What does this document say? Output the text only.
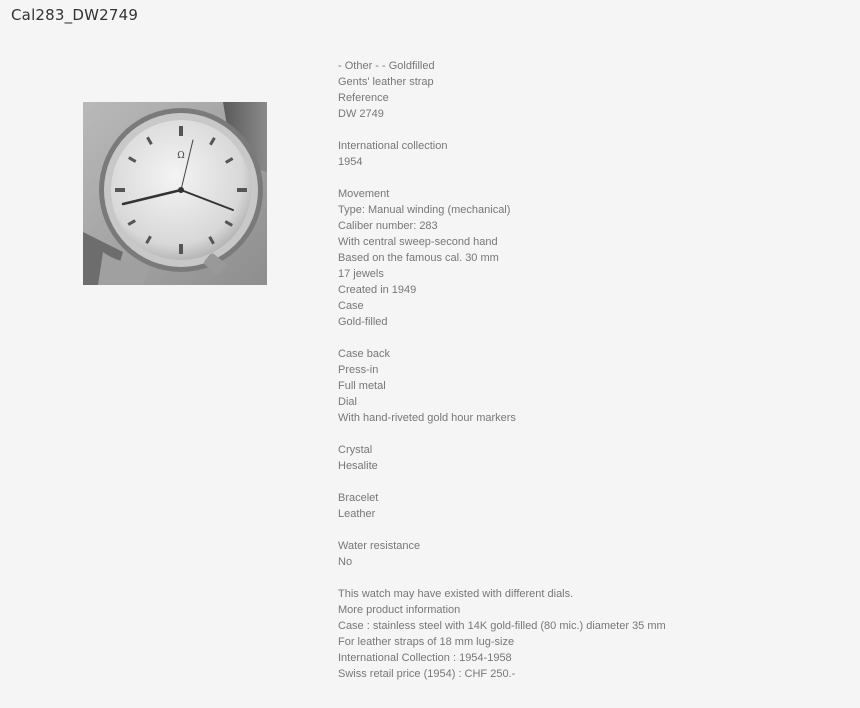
Cal283_DW2749
Ω
- Other - - Goldfilled
Gents' leather strap
Reference
DW 2749
International collection
1954
Movement
Type: Manual winding (mechanical)
Caliber number: 283
With central sweep-second hand
Based on the famous cal. 30 mm
17 jewels
Created in 1949
Case
Gold-filled
Case back
Press-in
Full metal
Dial
With hand-riveted gold hour markers
Crystal
Hesalite
Bracelet
Leather
Water resistance
No
This watch may have existed with different dials.
More product information
Case : stainless steel with 14K gold-filled (80 mic.) diameter 35 mm
For leather straps of 18 mm lug-size
International Collection : 1954-1958
Swiss retail price (1954) : CHF 250.-
